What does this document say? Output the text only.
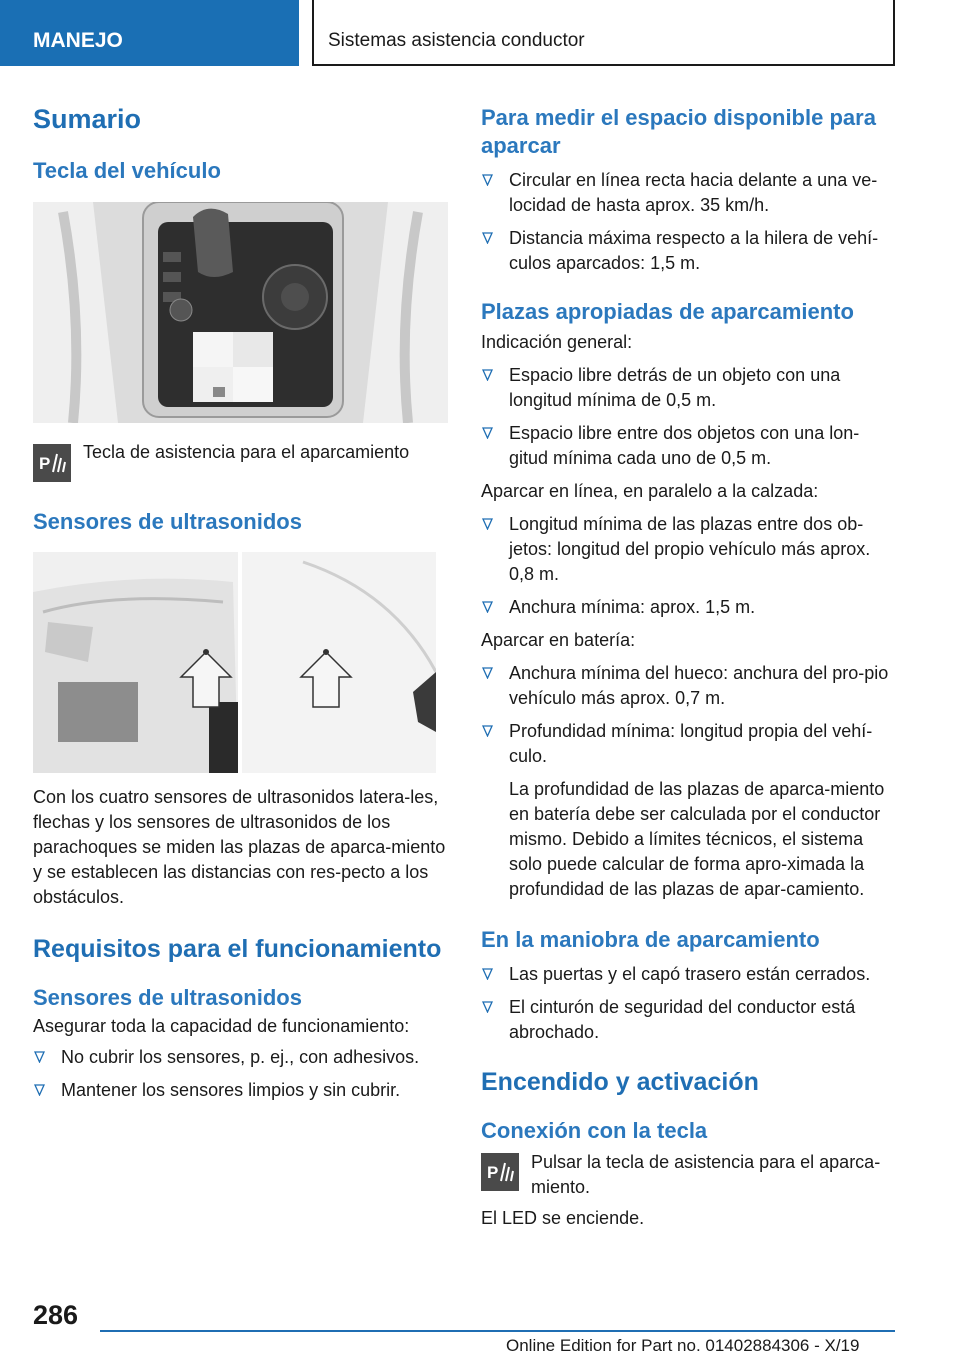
MANEJO	Sistemas asistencia conductor
Sumario
Tecla del vehículo
P

Tecla de asistencia para el aparcamiento

Sensores de ultrasonidos

Con los cuatro sensores de ultrasonidos latera-les, flechas y los sensores de ultrasonidos de los parachoques se miden las plazas de aparca-miento y se establecen las distancias con res-pecto a los obstáculos.

Requisitos para el funcionamiento
Sensores de ultrasonidos

Asegurar toda la capacidad de funcionamiento:

No cubrir los sensores, p. ej., con adhesivos.
Mantener los sensores limpios y sin cubrir.
Para medir el espacio disponible para aparcar
Circular en línea recta hacia delante a una ve-locidad de hasta aprox. 35 km/h.
Distancia máxima respecto a la hilera de vehí-culos aparcados: 1,5 m.
Plazas apropiadas de aparcamiento

Indicación general:

Espacio libre detrás de un objeto con una longitud mínima de 0,5 m.
Espacio libre entre dos objetos con una lon-gitud mínima cada uno de 0,5 m.

Aparcar en línea, en paralelo a la calzada:

Longitud mínima de las plazas entre dos ob-jetos: longitud del propio vehículo más aprox. 0,8 m.
Anchura mínima: aprox. 1,5 m.

Aparcar en batería:

Anchura mínima del hueco: anchura del pro-pio vehículo más aprox. 0,7 m.
Profundidad mínima: longitud propia del vehí-culo.

La profundidad de las plazas de aparca-miento en batería debe ser calculada por el conductor mismo. Debido a límites técnicos, el sistema solo puede calcular de forma apro-ximada la profundidad de las plazas de apar-camiento.

En la maniobra de aparcamiento
Las puertas y el capó trasero están cerrados.
El cinturón de seguridad del conductor está abrochado.
Encendido y activación
Conexión con la tecla
P

Pulsar la tecla de asistencia para el aparca-miento.

El LED se enciende.

286
Online Edition for Part no. 01402884306 - X/19
